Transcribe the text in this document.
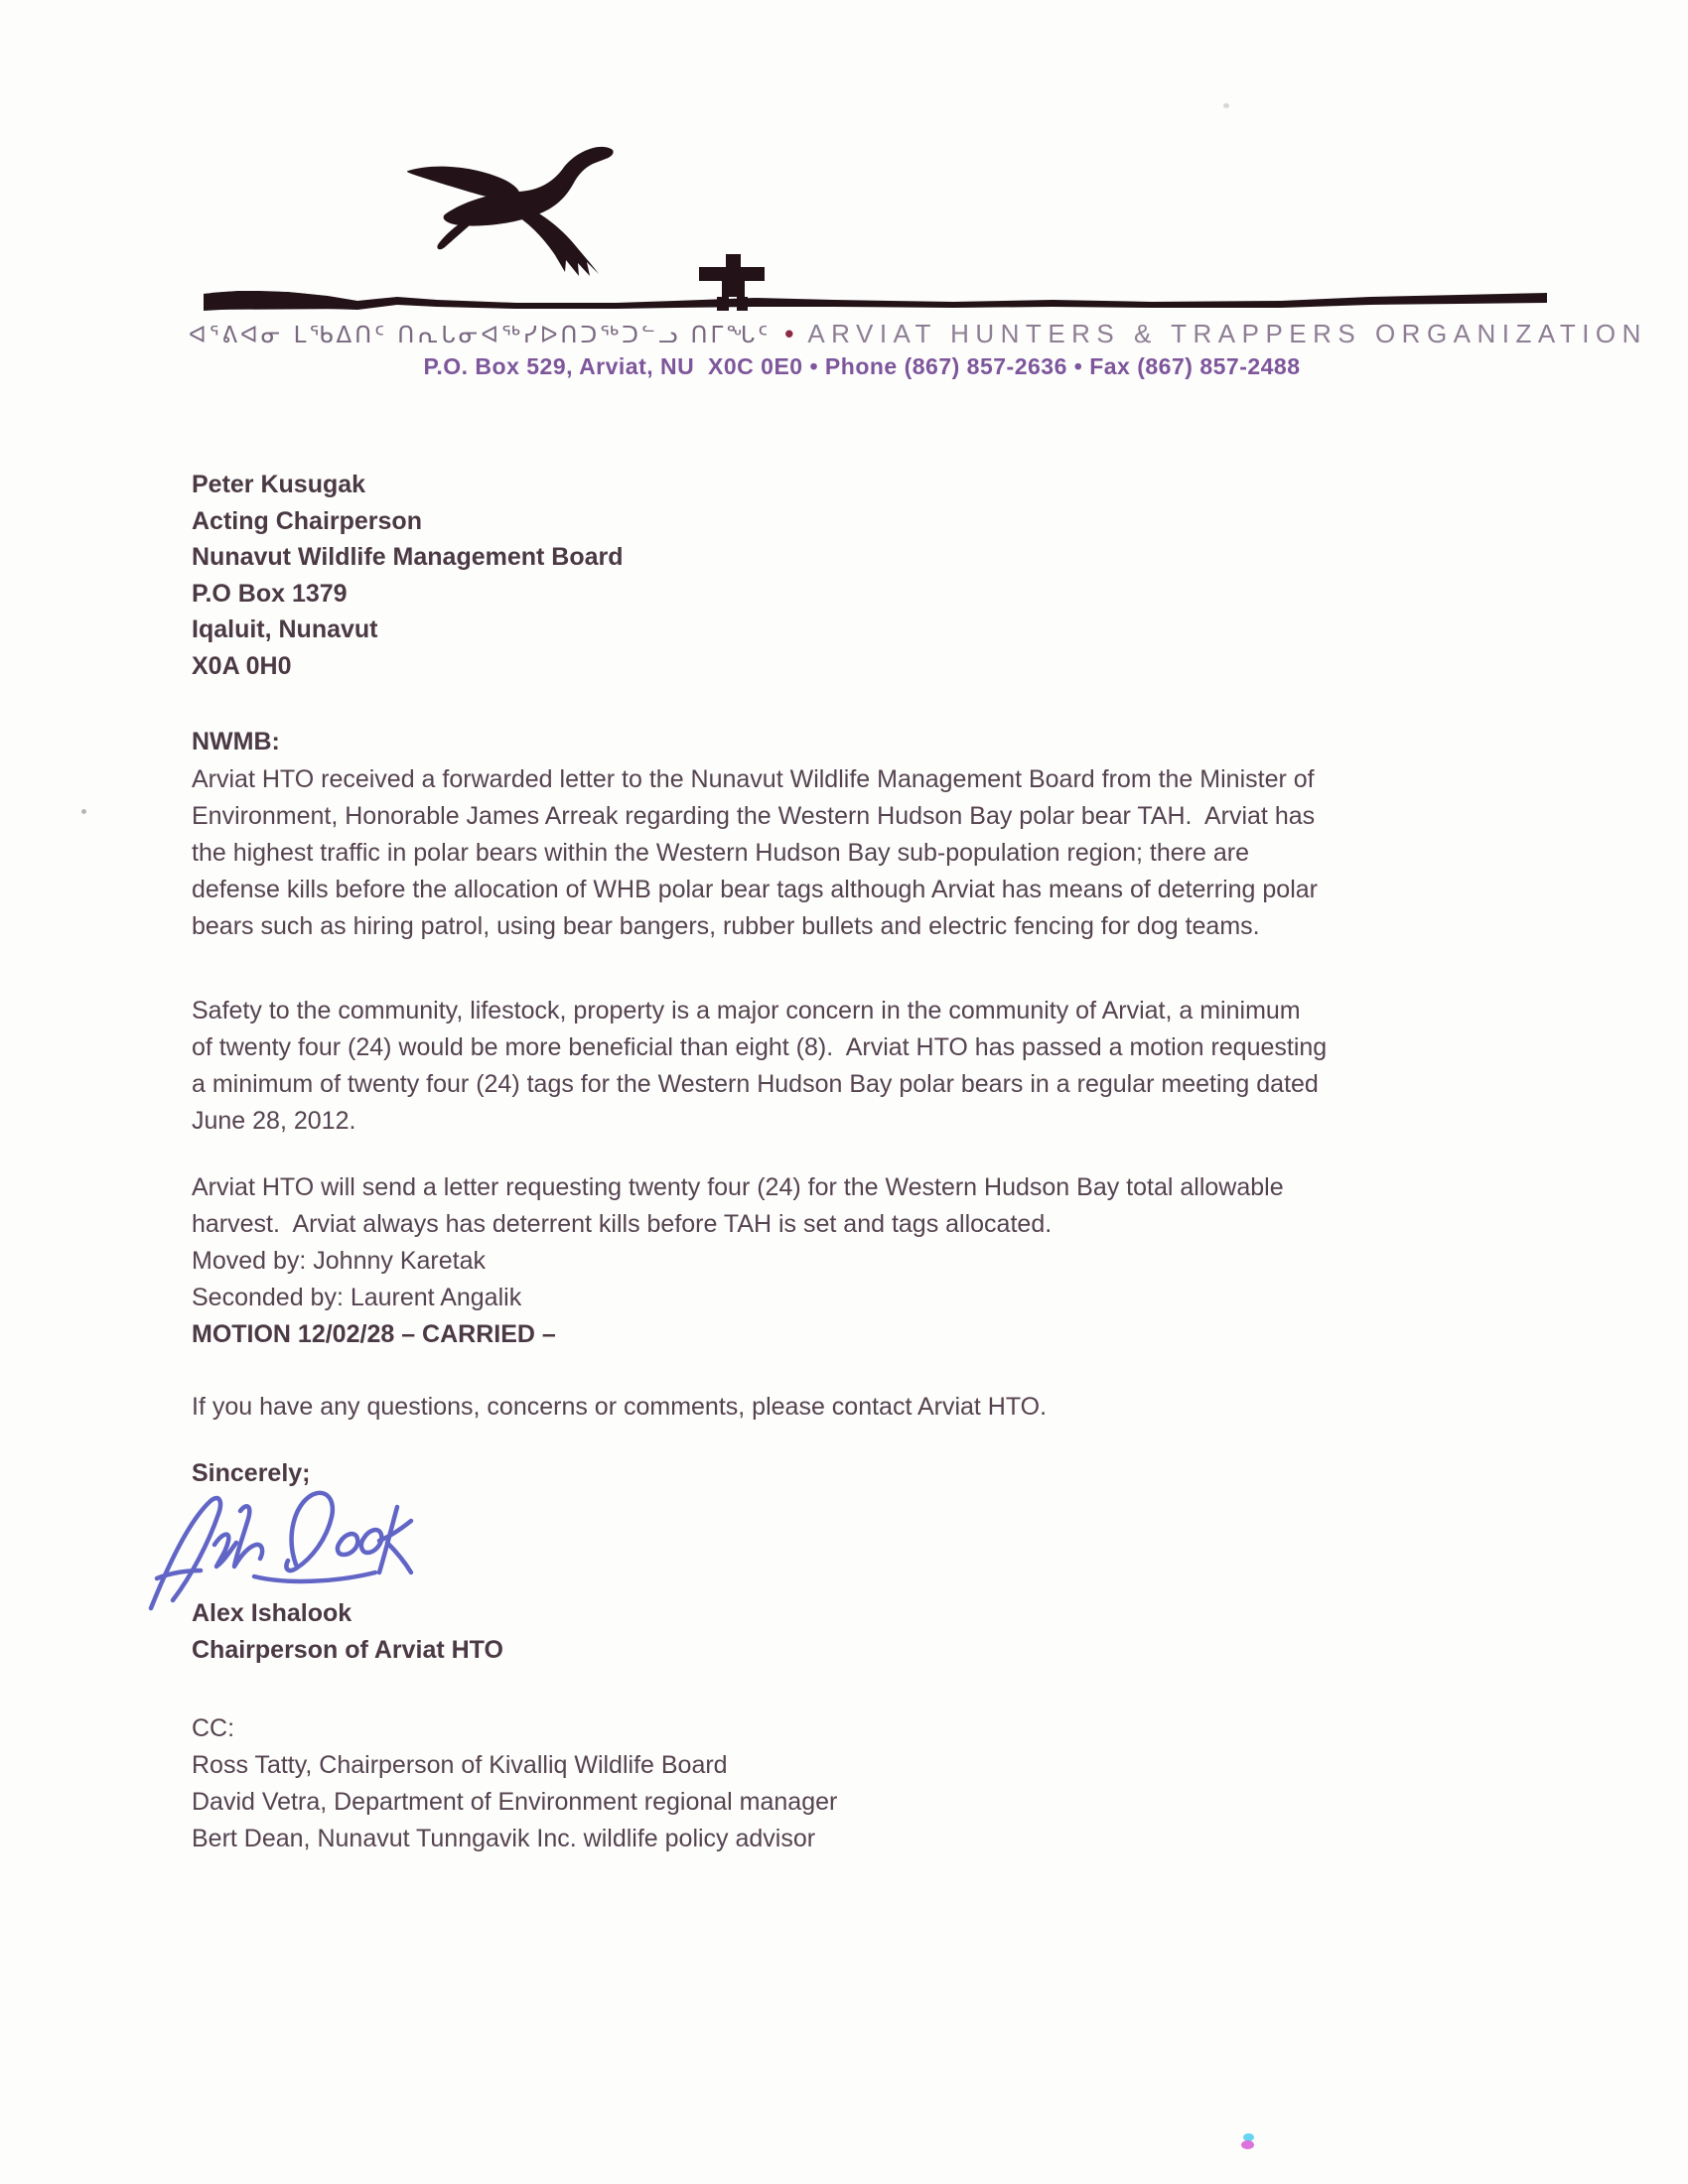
ᐊᕐᕕᐊᓂ ᒪᖃᐃᑎᑦ ᑎᕆᒐᓂᐊᖅᓯᐅᑎᑐᖅᑐᓪᓗ ᑎᒥᖓᑦ • ARVIAT HUNTERS & TRAPPERS ORGANIZATION
P.O. Box 529, Arviat, NU  X0C 0E0 • Phone (867) 857-2636 • Fax (867) 857-2488
Peter Kusugak
Acting Chairperson
Nunavut Wildlife Management Board
P.O Box 1379
Iqaluit, Nunavut
X0A 0H0
NWMB:
Arviat HTO received a forwarded letter to the Nunavut Wildlife Management Board from the Minister of
Environment, Honorable James Arreak regarding the Western Hudson Bay polar bear TAH.  Arviat has
the highest traffic in polar bears within the Western Hudson Bay sub-population region; there are
defense kills before the allocation of WHB polar bear tags although Arviat has means of deterring polar
bears such as hiring patrol, using bear bangers, rubber bullets and electric fencing for dog teams.
Safety to the community, lifestock, property is a major concern in the community of Arviat, a minimum
of twenty four (24) would be more beneficial than eight (8).  Arviat HTO has passed a motion requesting
a minimum of twenty four (24) tags for the Western Hudson Bay polar bears in a regular meeting dated
June 28, 2012.
Arviat HTO will send a letter requesting twenty four (24) for the Western Hudson Bay total allowable
harvest.  Arviat always has deterrent kills before TAH is set and tags allocated.
Moved by: Johnny Karetak
Seconded by: Laurent Angalik
MOTION 12/02/28 – CARRIED –
If you have any questions, concerns or comments, please contact Arviat HTO.
Sincerely;
Alex Ishalook
Chairperson of Arviat HTO
CC:
Ross Tatty, Chairperson of Kivalliq Wildlife Board
David Vetra, Department of Environment regional manager
Bert Dean, Nunavut Tunngavik Inc. wildlife policy advisor
